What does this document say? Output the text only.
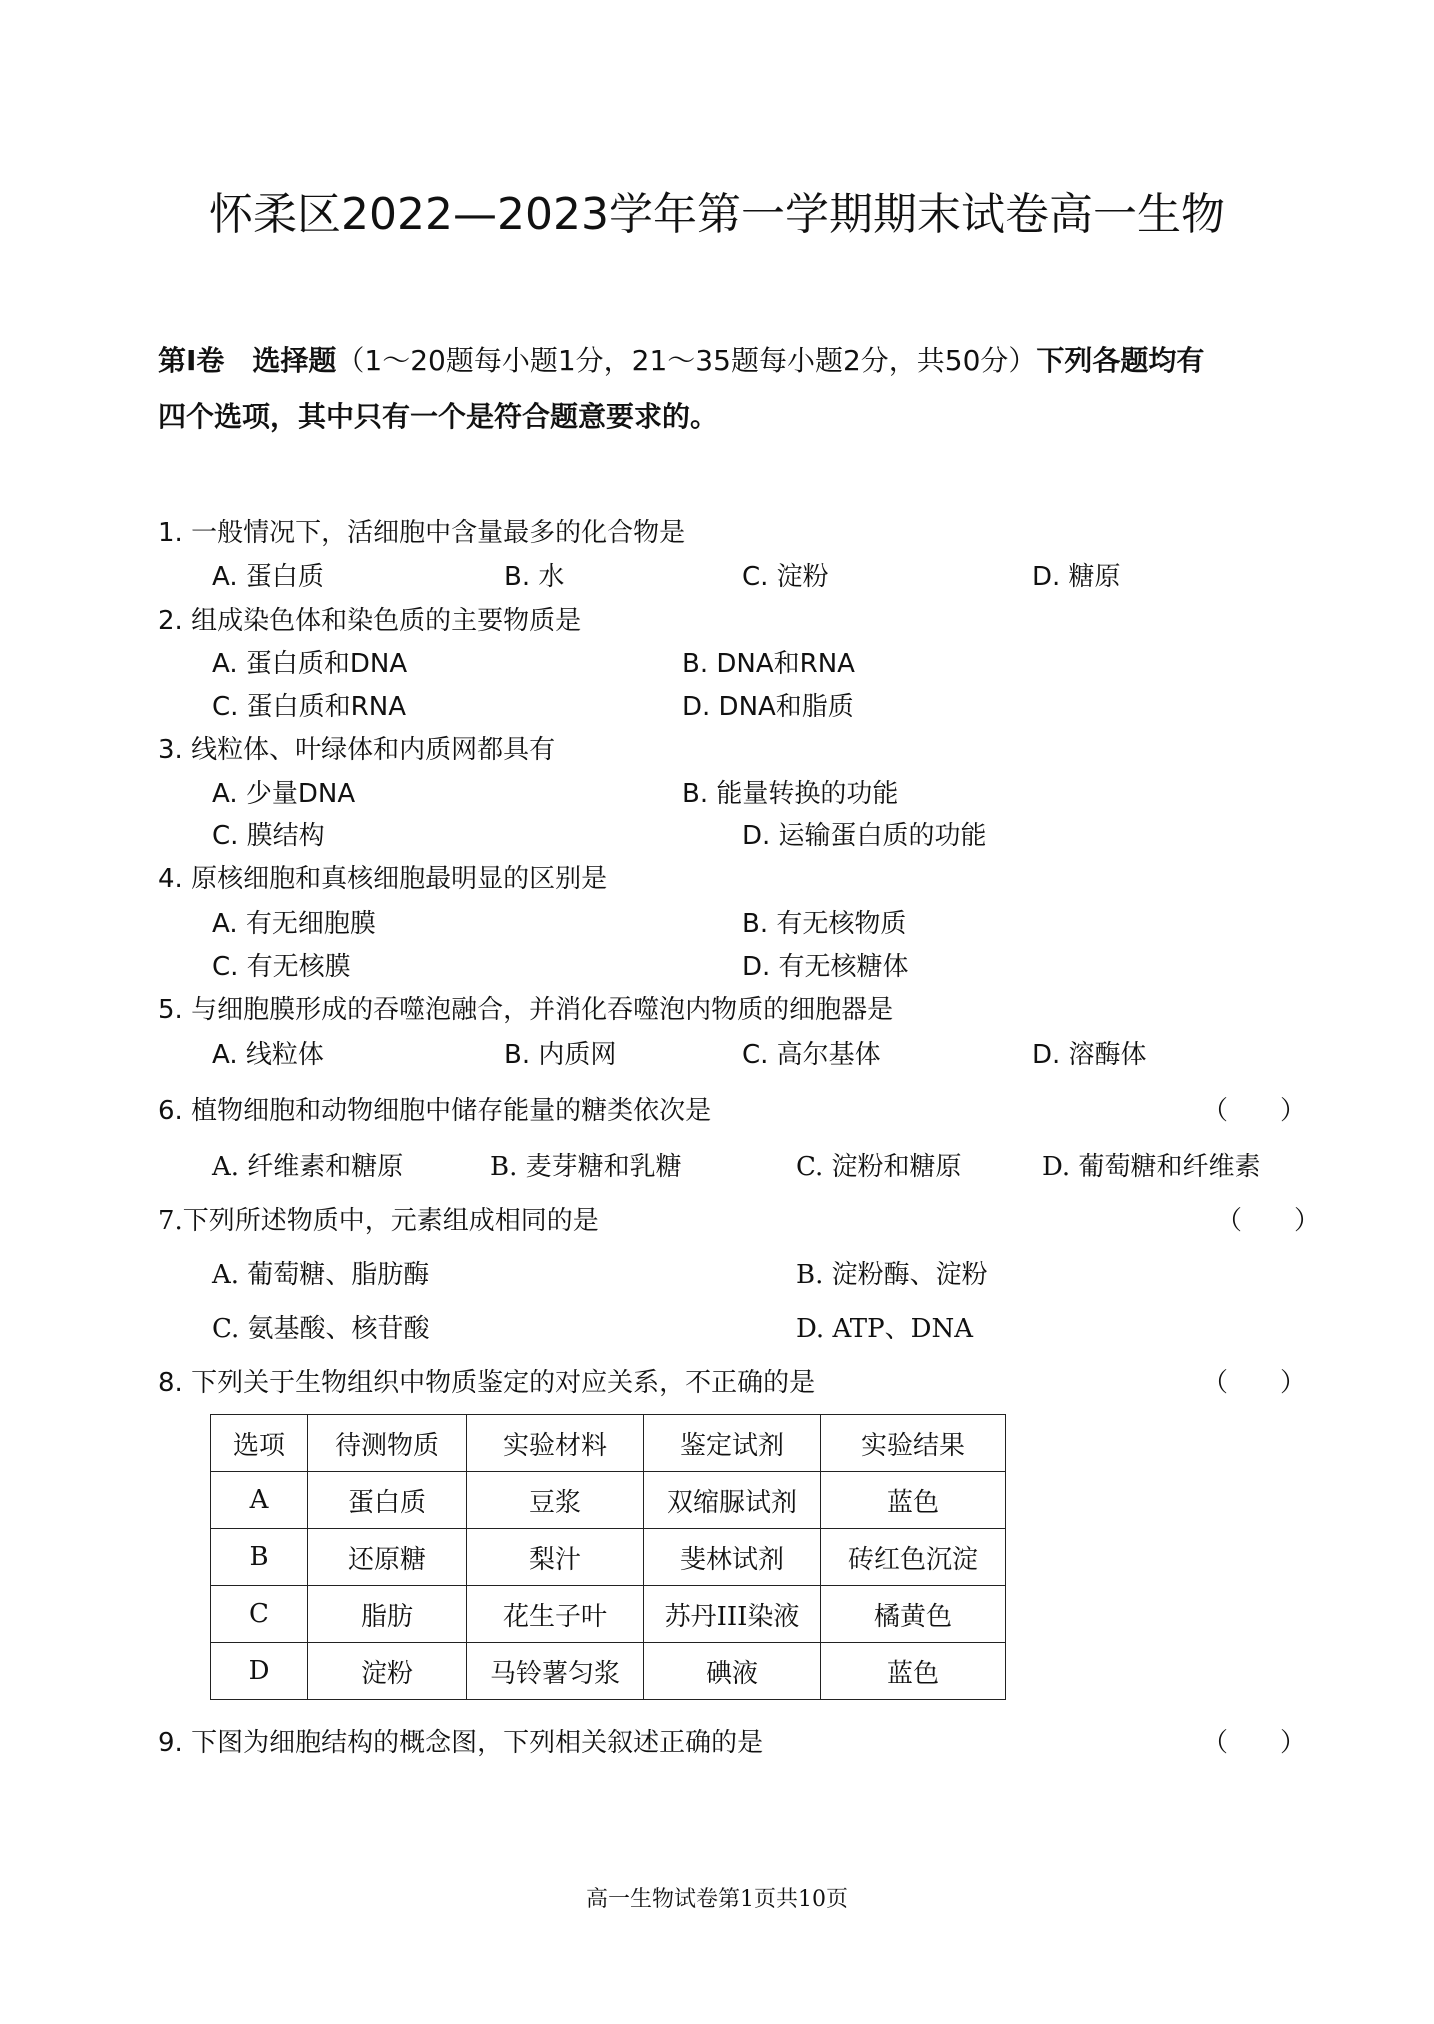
怀柔区2022—2023学年第一学期期末试卷高一生物
第Ⅰ卷　选择题（1～20题每小题1分，21～35题每小题2分，共50分）下列各题均有
四个选项，其中只有一个是符合题意要求的。
1. 一般情况下，活细胞中含量最多的化合物是
A. 蛋白质	B. 水	C. 淀粉	D. 糖原
2. 组成染色体和染色质的主要物质是
A. 蛋白质和DNA	B. DNA和RNA
C. 蛋白质和RNA	D. DNA和脂质
3. 线粒体、叶绿体和内质网都具有
A. 少量DNA	B. 能量转换的功能
C. 膜结构	D. 运输蛋白质的功能
4. 原核细胞和真核细胞最明显的区别是
A. 有无细胞膜	B. 有无核物质
C. 有无核膜	D. 有无核糖体
5. 与细胞膜形成的吞噬泡融合，并消化吞噬泡内物质的细胞器是
A. 线粒体	B. 内质网	C. 高尔基体	D. 溶酶体
6. 植物细胞和动物细胞中储存能量的糖类依次是	（　　）
A. 纤维素和糖原	B. 麦芽糖和乳糖	C. 淀粉和糖原	D. 葡萄糖和纤维素
7.下列所述物质中，元素组成相同的是	（　　）
A. 葡萄糖、脂肪酶	B. 淀粉酶、淀粉
C. 氨基酸、核苷酸	D. ATP、DNA
8. 下列关于生物组织中物质鉴定的对应关系，不正确的是	（　　）
选项	待测物质	实验材料	鉴定试剂	实验结果
A	蛋白质	豆浆	双缩脲试剂	蓝色
B	还原糖	梨汁	斐林试剂	砖红色沉淀
C	脂肪	花生子叶	苏丹III染液	橘黄色
D	淀粉	马铃薯匀浆	碘液	蓝色
9. 下图为细胞结构的概念图，下列相关叙述正确的是	（　　）
高一生物试卷第1页共10页
